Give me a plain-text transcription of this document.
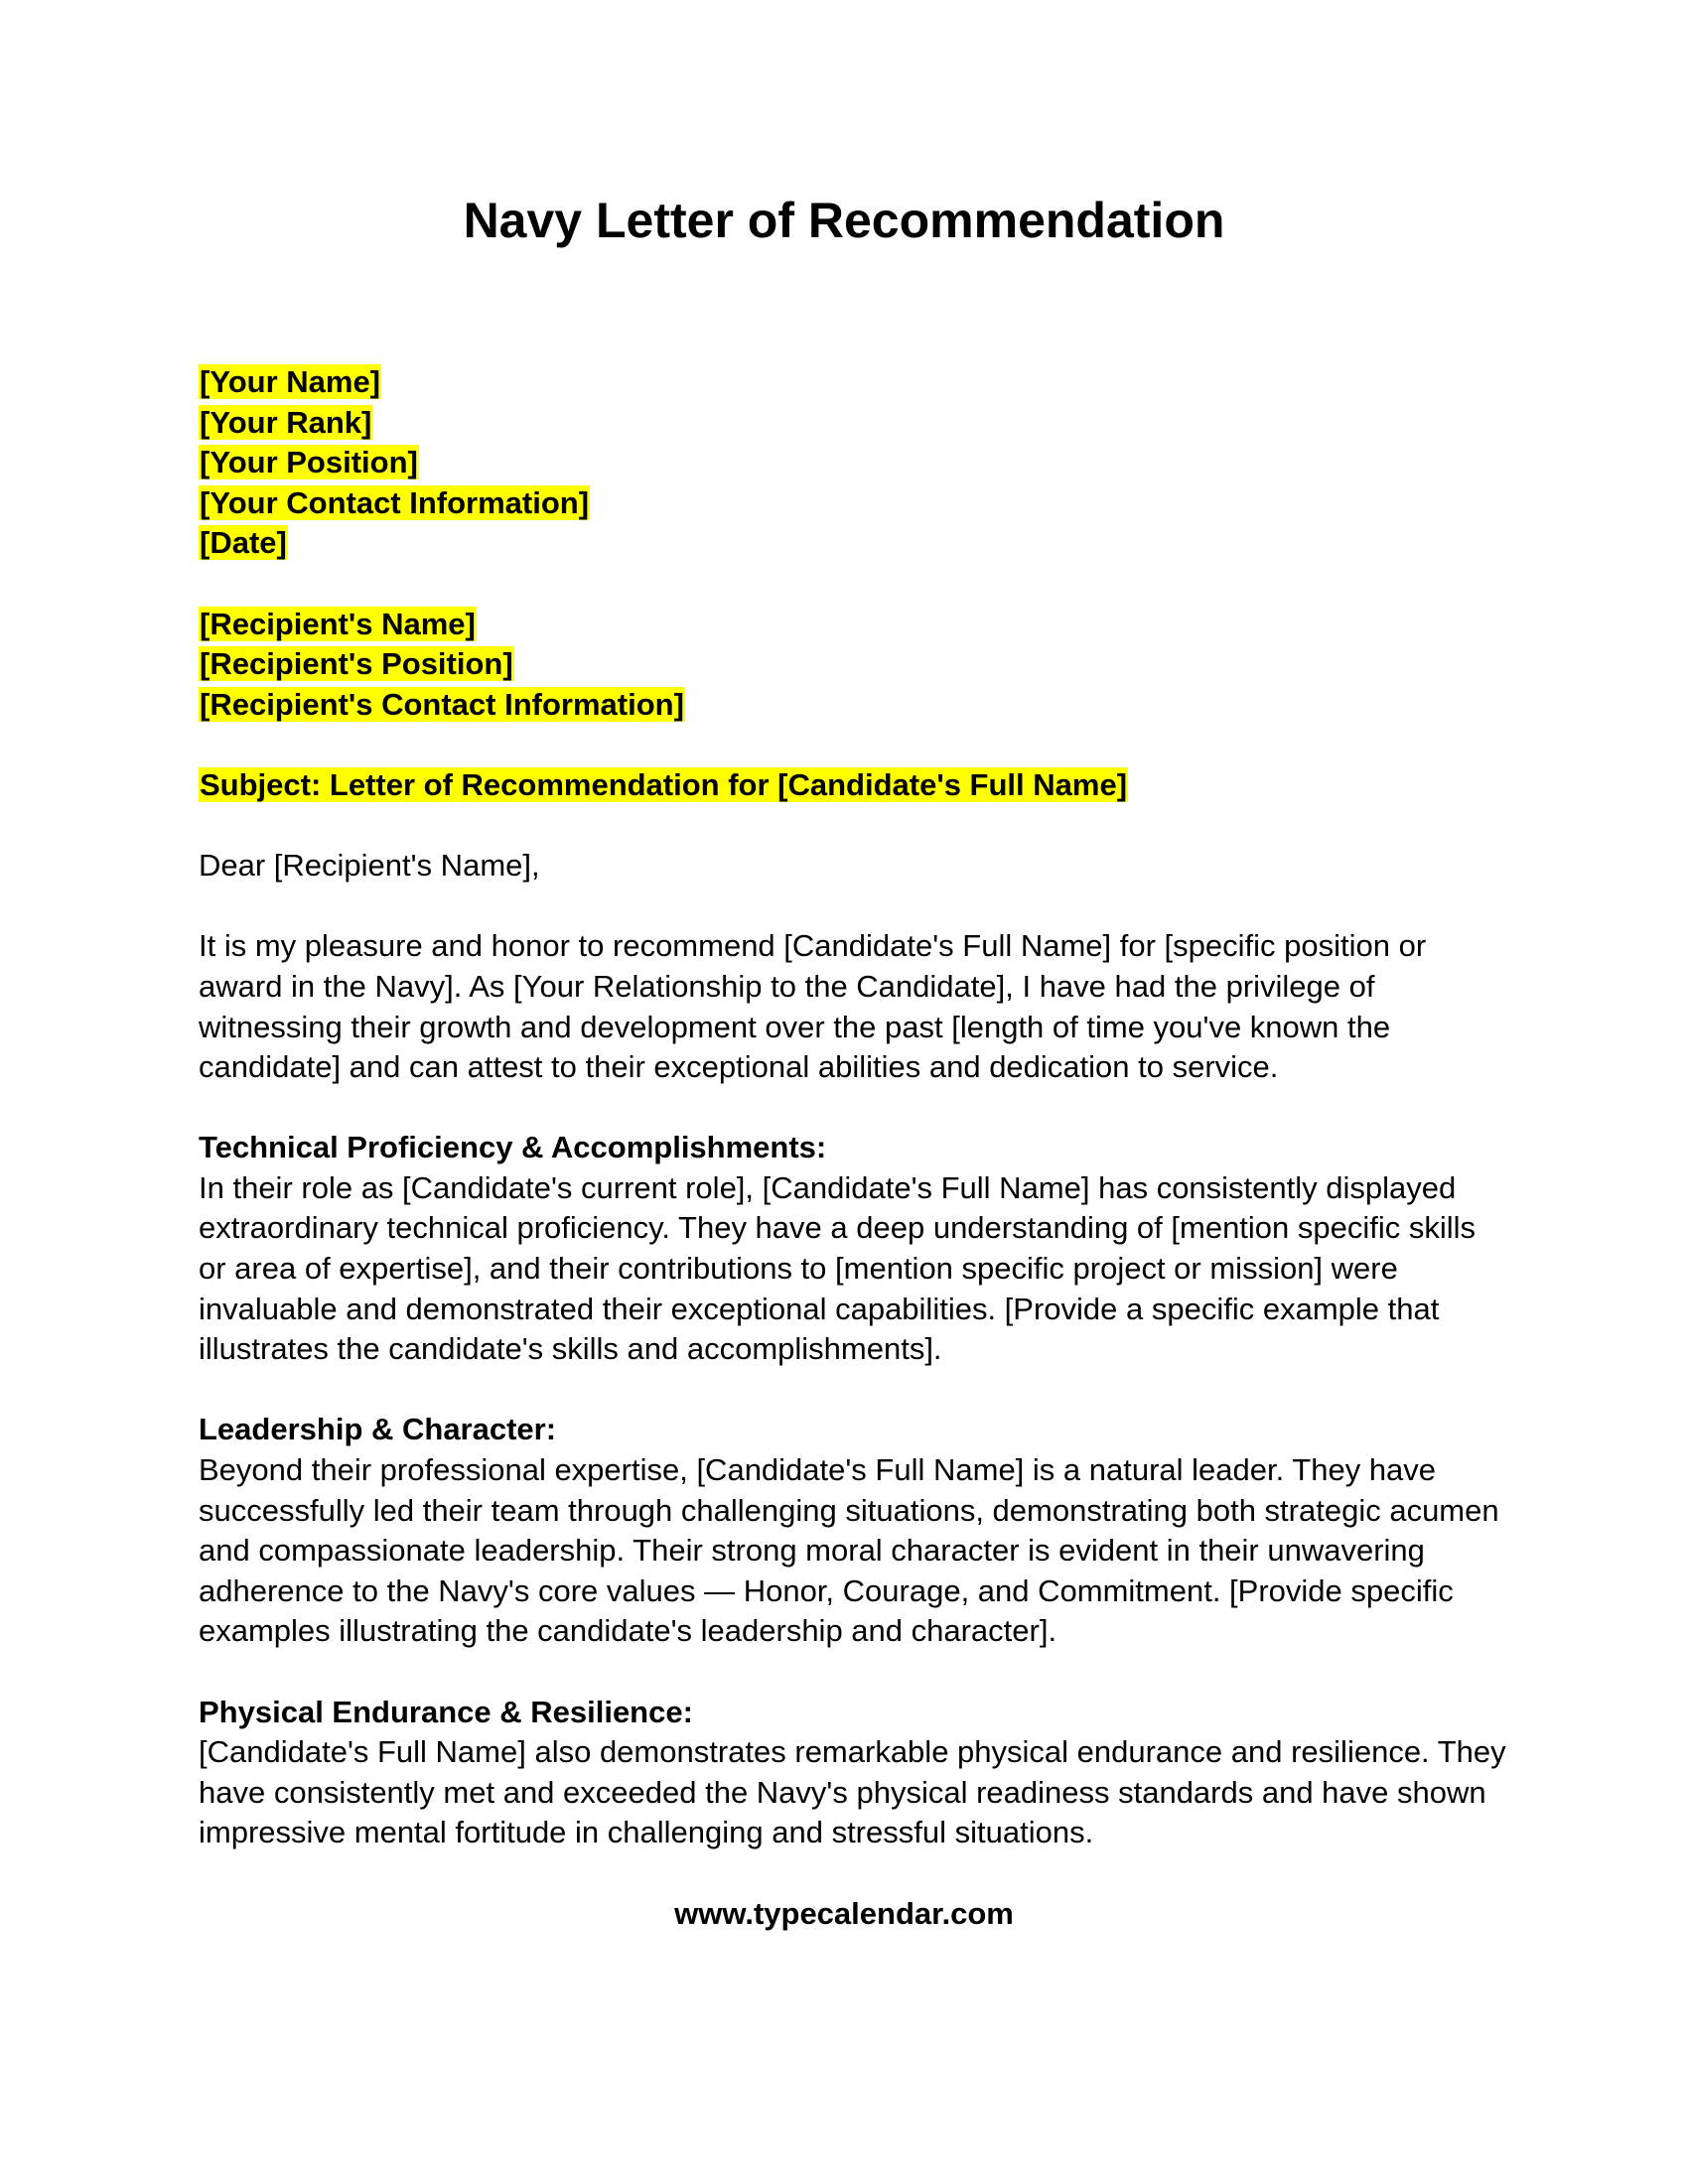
Navy Letter of Recommendation
[Your Name]
[Your Rank]
[Your Position]
[Your Contact Information]
[Date]
[Recipient's Name]
[Recipient's Position]
[Recipient's Contact Information]
Subject: Letter of Recommendation for [Candidate's Full Name]
Dear [Recipient's Name],
It is my pleasure and honor to recommend [Candidate's Full Name] for [specific position or
award in the Navy]. As [Your Relationship to the Candidate], I have had the privilege of
witnessing their growth and development over the past [length of time you've known the
candidate] and can attest to their exceptional abilities and dedication to service.
Technical Proficiency & Accomplishments:
In their role as [Candidate's current role], [Candidate's Full Name] has consistently displayed
extraordinary technical proficiency. They have a deep understanding of [mention specific skills
or area of expertise], and their contributions to [mention specific project or mission] were
invaluable and demonstrated their exceptional capabilities. [Provide a specific example that
illustrates the candidate's skills and accomplishments].
Leadership & Character:
Beyond their professional expertise, [Candidate's Full Name] is a natural leader. They have
successfully led their team through challenging situations, demonstrating both strategic acumen
and compassionate leadership. Their strong moral character is evident in their unwavering
adherence to the Navy's core values — Honor, Courage, and Commitment. [Provide specific
examples illustrating the candidate's leadership and character].
Physical Endurance & Resilience:
[Candidate's Full Name] also demonstrates remarkable physical endurance and resilience. They
have consistently met and exceeded the Navy's physical readiness standards and have shown
impressive mental fortitude in challenging and stressful situations.
www.typecalendar.com
